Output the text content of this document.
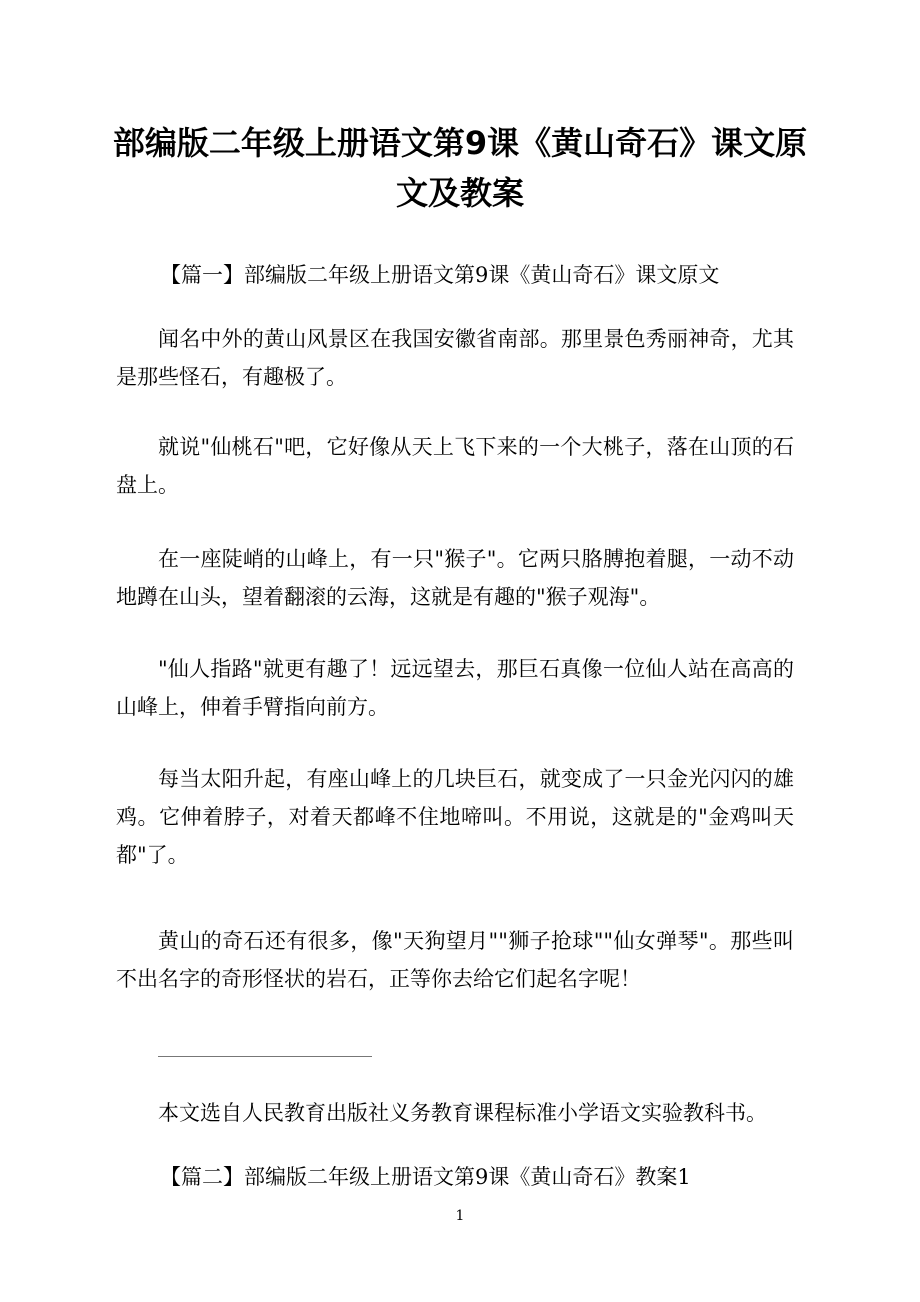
部编版二年级上册语文第9课《黄山奇石》课文原文及教案

【篇一】部编版二年级上册语文第9课《黄山奇石》课文原文

闻名中外的黄山风景区在我国安徽省南部。那里景色秀丽神奇，尤其是那些怪石，有趣极了。

就说"仙桃石"吧，它好像从天上飞下来的一个大桃子，落在山顶的石盘上。

在一座陡峭的山峰上，有一只"猴子"。它两只胳膊抱着腿，一动不动地蹲在山头，望着翻滚的云海，这就是有趣的"猴子观海"。

"仙人指路"就更有趣了！远远望去，那巨石真像一位仙人站在高高的山峰上，伸着手臂指向前方。

每当太阳升起，有座山峰上的几块巨石，就变成了一只金光闪闪的雄鸡。它伸着脖子，对着天都峰不住地啼叫。不用说，这就是的"金鸡叫天都"了。

黄山的奇石还有很多，像"天狗望月""狮子抢球""仙女弹琴"。那些叫不出名字的奇形怪状的岩石，正等你去给它们起名字呢！

本文选自人民教育出版社义务教育课程标准小学语文实验教科书。

【篇二】部编版二年级上册语文第9课《黄山奇石》教案1

1
